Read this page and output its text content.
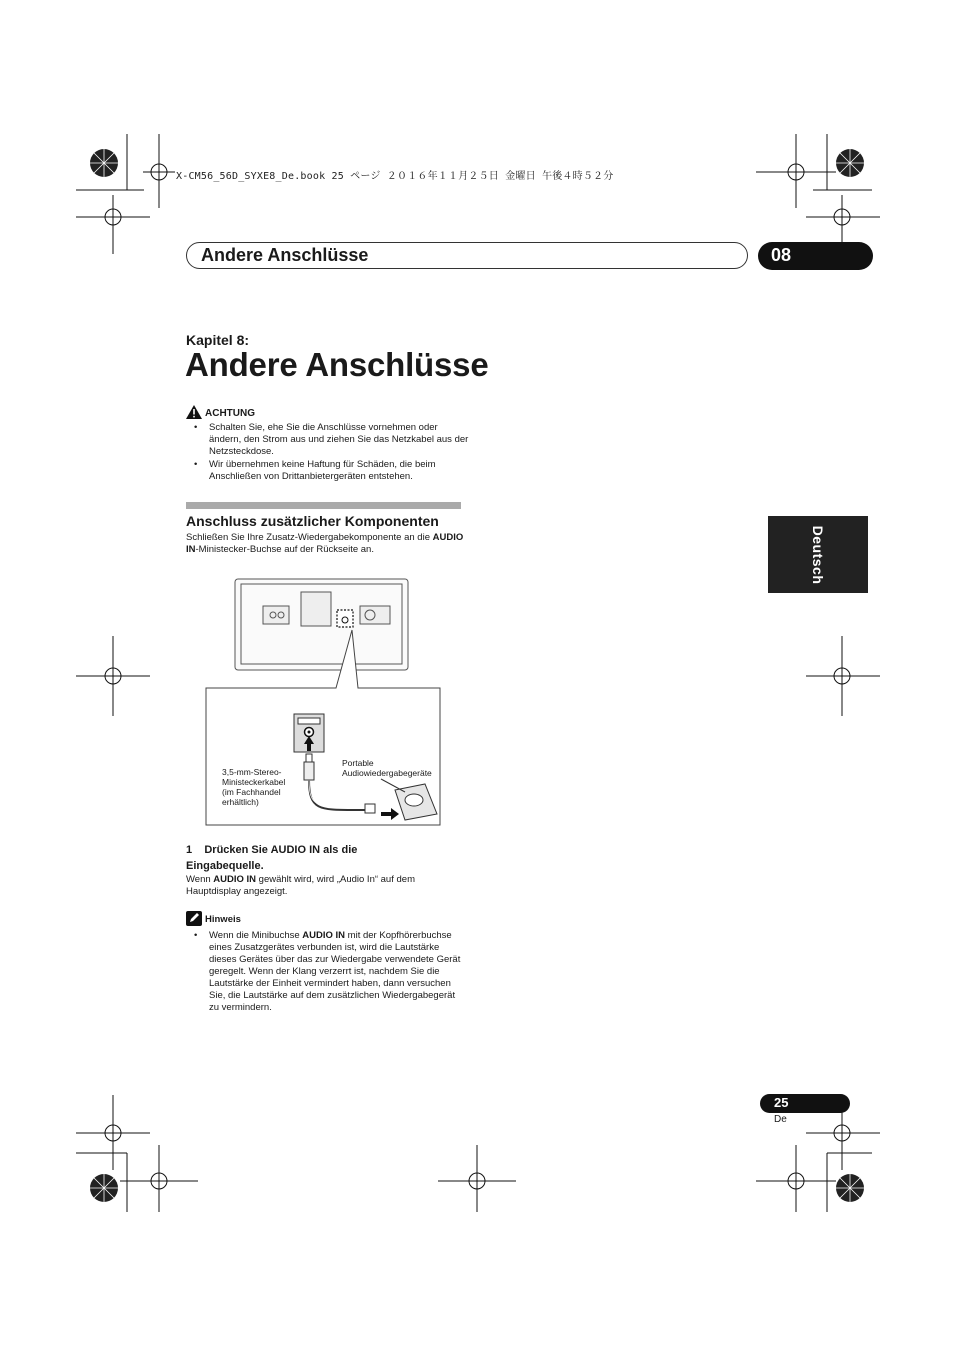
X-CM56_56D_SYXE8_De.book 25 ページ ２０１６年１１月２５日 金曜日 午後４時５２分
Andere Anschlüsse	08
Kapitel 8:
Andere Anschlüsse
ACHTUNG
• Schalten Sie, ehe Sie die Anschlüsse vornehmen oder ändern, den Strom aus und ziehen Sie das Netzkabel aus der Netzsteckdose.
• Wir übernehmen keine Haftung für Schäden, die beim Anschließen von Drittanbietergeräten entstehen.
Anschluss zusätzlicher Komponenten
Schließen Sie Ihre Zusatz-Wiedergabekomponente an die AUDIO IN-Ministecker-Buchse auf der Rückseite an.
Portable
Audiowiedergabegeräte
3,5-mm-Stereo-
Ministeckerkabel
(im Fachhandel
erhältlich)
1    Drücken Sie AUDIO IN als die
Eingabequelle.
Wenn AUDIO IN gewählt wird, wird „Audio In“ auf dem Hauptdisplay angezeigt.
Hinweis
• Wenn die Minibuchse AUDIO IN mit der Kopfhörerbuchse eines Zusatzgerätes verbunden ist, wird die Lautstärke dieses Gerätes über das zur Wiedergabe verwendete Gerät geregelt. Wenn der Klang verzerrt ist, nachdem Sie die Lautstärke der Einheit vermindert haben, dann versuchen Sie, die Lautstärke auf dem zusätzlichen Wiedergabegerät zu vermindern.
Deutsch
25
De
